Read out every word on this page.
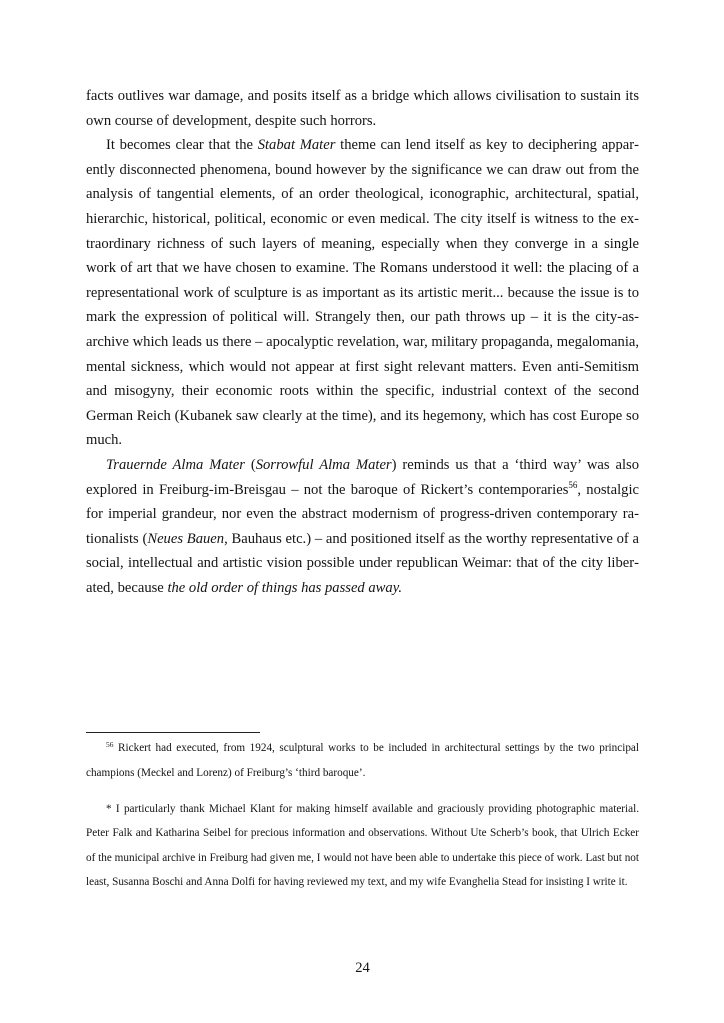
facts outlives war damage, and posits itself as a bridge which allows civilisation to sustain its own course of development, despite such horrors.

It becomes clear that the Stabat Mater theme can lend itself as key to deciphering apparently disconnected phenomena, bound however by the significance we can draw out from the analysis of tangential elements, of an order theological, iconographic, architectural, spatial, hierarchic, historical, political, economic or even medical. The city itself is witness to the extraordinary richness of such layers of meaning, especially when they converge in a single work of art that we have chosen to examine. The Romans understood it well: the placing of a representational work of sculpture is as important as its artistic merit... because the issue is to mark the expression of political will. Strangely then, our path throws up – it is the city-as-archive which leads us there – apocalyptic revelation, war, military propaganda, megalomania, mental sickness, which would not appear at first sight relevant matters. Even anti-Semitism and misogyny, their economic roots within the specific, industrial context of the second German Reich (Kubanek saw clearly at the time), and its hegemony, which has cost Europe so much.

Trauernde Alma Mater (Sorrowful Alma Mater) reminds us that a ‘third way’ was also explored in Freiburg-im-Breisgau – not the baroque of Rickert’s contemporaries$^{56}$, nostalgic for imperial grandeur, nor even the abstract modernism of progress-driven contemporary rationalists (Neues Bauen, Bauhaus etc.) – and positioned itself as the worthy representative of a social, intellectual and artistic vision possible under republican Weimar: that of the city liberated, because the old order of things has passed away.

$^{56}$ Rickert had executed, from 1924, sculptural works to be included in architectural settings by the two principal champions (Meckel and Lorenz) of Freiburg’s ‘third baroque’.
* I particularly thank Michael Klant for making himself available and graciously providing photographic material. Peter Falk and Katharina Seibel for precious information and observations. Without Ute Scherb’s book, that Ulrich Ecker of the municipal archive in Freiburg had given me, I would not have been able to undertake this piece of work. Last but not least, Susanna Boschi and Anna Dolfi for having reviewed my text, and my wife Evanghelia Stead for insisting I write it.
24
